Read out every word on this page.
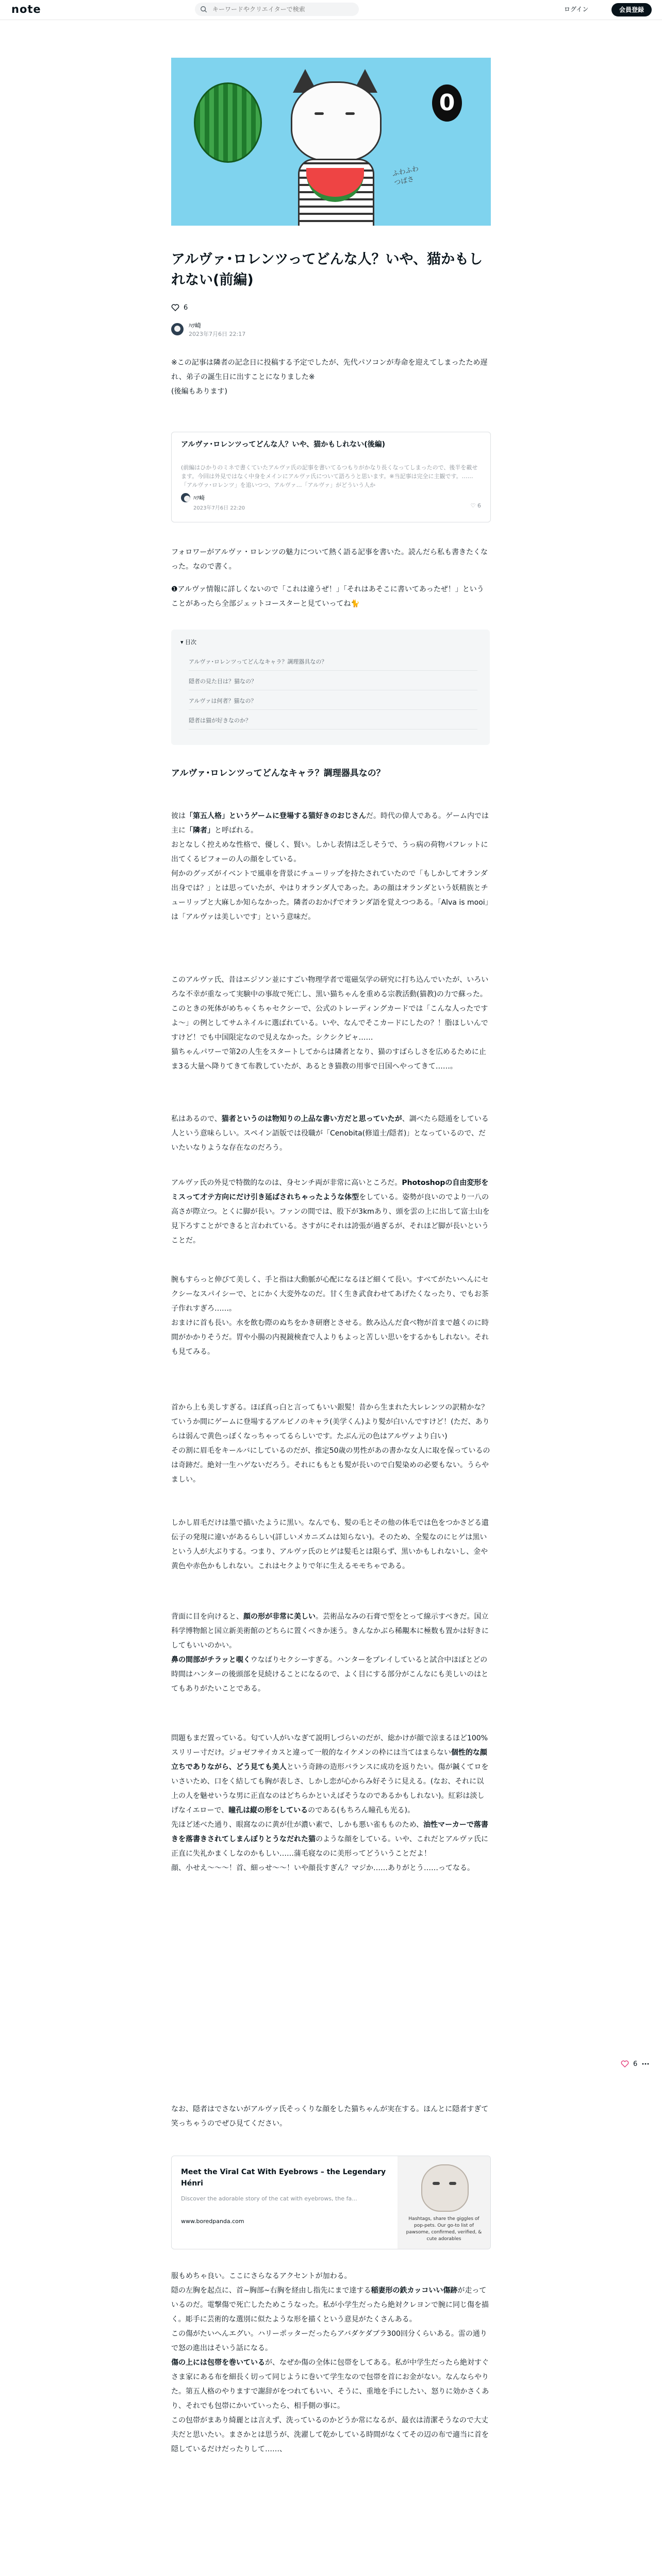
note
キーワードやクリエイターで検索	ログイン	会員登録
0
ふわふわ
つばさ
アルヴァ･ロレンツってどんな人？いや、猫かもしれない(前編)
6
ﾊﾂ崎
2023年7月6日 22:17

※この記事は隣者の記念日に投稿する予定でしたが、先代パソコンが寿命を迎えてしまったため遅れ、弟子の誕生日に出すことになりました※
(後編もあります)

アルヴァ･ロレンツってどんな人？いや、猫かもしれない(後編)
(前編はひかりのミネで書くていたアルヴァ氏の記事を書いてるつもりがかなり長くなってしまったので、後半を載せます。今回は外見ではなく中身をメインにアルヴァ氏について語ろうと思います。※当記事は完全に主観です。……「アルヴァ･ロレンツ」を追いつつ、アルヴァ…「アルヴァ」がどういう人か
ﾊﾂ崎
2023年7月6日 22:20	♡ 6

フォロワーがアルヴァ・ロレンツの魅力について熱く語る記事を書いた。読んだら私も書きたくなった。なので書く。

❶アルヴァ情報に詳しくないので「これは違うぜ！」「それはあそこに書いてあったぜ！」ということがあったら全部ジェットコースターと見ていってね🐈

▾ 目次
アルヴァ･ロレンツってどんなキャラ？調理器具なの？
隠者の見た目は？猫なの？
アルヴァは何者？猫なの？
隠者は猫が好きなのか？
アルヴァ･ロレンツってどんなキャラ？調理器具なの？

彼は「第五人格」というゲームに登場する猫好きのおじさんだ。時代の偉人である。ゲーム内では主に「隣者」と呼ばれる。
おとなしく控えめな性格で、優しく、賢い。しかし表情は乏しそうで、うっ病の荷物パフレットに出てくるピフォーの人の顔をしている。
何かのグッズがイベントで風車を背景にチューリップを持たされていたので「もしかしてオランダ出身では？」とは思っていたが、やはりオランダ人であった。あの顔はオランダという妖精族とチューリップと大麻しか知らなかった。隣者のおかげでオランダ語を覚えつつある。「Alva is mooi」は「アルヴァは美しいです」という意味だ。

このアルヴァ氏、昔はエジソン並にすごい物理学者で電磁気学の研究に打ち込んでいたが、いろいろな不幸が重なって実験中の事故で死亡し、黒い猫ちゃんを重める宗教活動(猫教)の力で蘇った。
このときの死体がめちゃくちゃセクシーで、公式のトレーディングカードでは「こんな人ったですよ〜」の例としてサムネイルに選ばれている。いや、なんでそこカードにしたの？！脂ほしいんですけど！でも中国限定なので見えなかった。シクシクピャ……
猫ちゃんパワーで第2の人生をスタートしてからは隣者となり、猫のすばらしさを広めるために止ま3る大量へ降りてきて布教していたが、あるとき猫教の用事で日国へやってきて……。

私はあるので、猫者というのは物知りの上品な書い方だと思っていたが、調べたら隠遁をしている人という意味らしい。スペイン語版では役職が「Cenobita(修道士/隠者)」となっているので、だいたいなりような存在なのだろう。

アルヴァ氏の外見で特徴的なのは、身センチ両が非常に高いところだ。Photoshopの自由変形をミスって才テ方向にだけ引き延ばされちゃったような体型をしている。姿勢が良いのでより一八の高さが際立つ。とくに脚が長い。ファンの間では、股下が3kmあり、頭を雲の上に出して富士山を見下ろすことができると言われている。さすがにそれは誇張が過ぎるが、それほど脚が長いということだ。

腕もすらっと伸びて美しく、手と指は大動脈が心配になるほど細くて長い。すべてがたいへんにセクシーなスパイシーで、とにかく大変外なのだ。甘く生き武食わせてあげたくなったり、でもお茶子作れすぎろ……。
おまけに首も長い。水を飲む際のぬちをかき研磨とさせる。飲み込んだ食べ物が首まで越くのに時間がかかりそうだ。胃や小腸の内視鏡検査で人よりもよっと苦しい思いをするかもしれない。それも見てみる。

首から上も美しすぎる。ほぼ真っ白と言ってもいい銀髪！昔から生まれた大レレンツの訳精かな？ていうか間にゲームに登場するアルビノのキャラ(美学くん)より髪が白いんですけど！(ただ、ありらは弱んで黄色っぽくなっちゃってるらしいです。たぶん元の色はアルヴァより白い)
その割に眉毛をキールバにしているのだが、推定50歳の男性があの書かな女人に取を保っているのは奇跡だ。絶対一生ハゲないだろう。それにももとも髪が長いので白髪染めの必要もない。うらやましい。

しかし眉毛だけは墨で描いたように黒い。なんでも、髪の毛とその他の体毛では色をつかさどる遺伝子の発現に違いがあるらしい(詳しいメカニズムは知らない)。そのため、全髪なのにヒゲは黒いという人が大ぶりする。つまり、アルヴァ氏のヒゲは髪毛とは限らず、黒いかもしれないし、金や黄色や赤色かもしれない。これはセクよりで年に生えるモモちゃである。

背面に目を向けると、顔の形が非常に美しい。芸術品なみの石膏で型をとって線示すべきだ。国立科学博物館と国立新美術館のどちらに置くべきか迷う。きんなかぶら稀覯本に極数も置かは好きにしてもいいのかい。
鼻の間部がチラッと覗くウなばりセクシーすぎる。ハンターをプレイしていると試合中ほぼとどの時間はハンターの後頭部を見続けることになるので、よく目にする部分がこんなにも美しいのはとてもありがたいことである。

問題もまだ置っている。匂てい人がいなぎて説明しづらいのだが、総かけが顔で涼まるほど100%スリリー寸だけ。ジョゼフサイカスと違って一般的なイケメンの枠には当てはまらない個性的な顔立ちでありながら、どう見ても美人という奇跡の造形バランスに成功を返りたい。傷が鍼くてロをいさいため、口をく結しても胸が表しさ、しかし恋が心からみ好そうに見える。(なお、それに以上の人を魅せいうな男に正直なのはどちらかといえばそうなのであるかもしれない)。紅彩は淡しげなイエローで、瞳孔は縦の形をしているのである(もちろん瞳孔も光る)。
先ほど述べた通り、眼窩なのに黄が仕が濃い素で、しかも悪い雀もものため、油性マーカーで落書きを落書きされてしまんぼりとうなだれた猫のような顔をしている。いや、これだとアルヴァ氏に正直に失礼かまくしなのかもしい……蒲毛寝なのに美形ってどういうことだよ！
顔、小せえ〜〜〜！首、細っせ〜〜！いや顔長すぎん？マジか……ありがとう……ってなる。

なお、隠者はでさないがアルヴァ氏そっくりな顔をした猫ちゃんが実在する。ほんとに隠者すぎて笑っちゃうのでぜひ見てください。

Meet the Viral Cat With Eyebrows – the Legendary Hénri
Discover the adorable story of the cat with eyebrows, the fa...
www.boredpanda.com	Hashtags, share the giggles of pop-pets. Our go-to list of pawsome, confirmed, verified, & cute adorables

服もめちゃ良い。ここにさらなるアクセントが加わる。
隠の左胸を起点に、首~胸部~右胸を経由し指先にまで達する稲妻形の鉄カッコいい傷跡が走っているのだ。電撃傷で死亡したためこうなった。私が小学生だったら絶対クレヨンで腕に同じ傷を描く。彫手に芸術的な選別に似たような形を描くという意見がたくさんある。
この傷がたいへんエグい。ハリーポッターだったらアバダケダブラ300回分くらいある。雷の通りで怒の進出はそいう話になる。
傷の上には包帯を巻いているが、なぜか傷の全体に包帯をしてある。私が中学生だったら絶対すぐさま家にある布を細長く切って同じように巻いて学生なので包帯を首にお金がない。なんならやりた。第五人格のやりますで謝辞がをつれてもいい、そうに、重地を手にしたい、怒りに効かさくあり、それでも包帯にかいていったら、相手側の事に。
この包帯がまあり綺麗とは言えず、洗っているのかどうか常になるが、最衣は清潔そうなので大丈夫だと思いたい。まさかとは思うが、洗濯して乾かしている時間がなくてその辺の布で適当に首を隠しているだけだったりして……、

6
